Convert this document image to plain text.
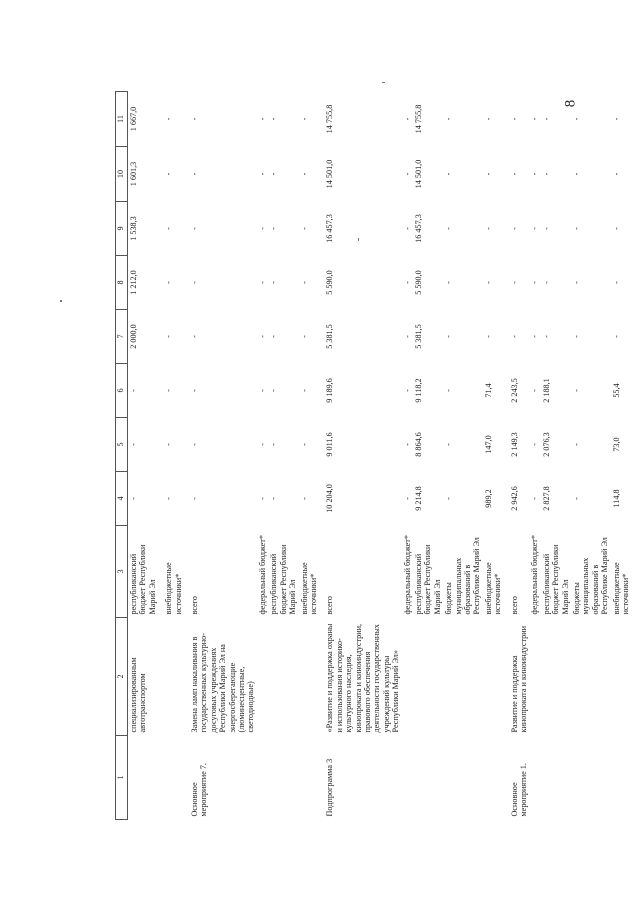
8
1	2	3	4	5	6	7	8	9	10	11
	специализированным автотранспортом	республиканский бюджет Республики Марий Эл	-	-	-	2 000,0	1 212,0	1 538,3	1 601,3	1 667,0
		внебюджетные источники*	-	-	-	-	-	-	-	-
Основное мероприятие 7.	Замена ламп накаливания в государственных культурно-досуговых учреждениях Республики Марий Эл на энергосберегающие (люминесцентные, светодиодные)	всего	-	-	-	-	-	-	-	-
		федеральный бюджет*	-	-	-	-	-	-	-	-
		республиканский бюджет Республики Марий Эл	-	-	-	-	-	-	-	-
		внебюджетные источники*	-	-	-	-	-	-	-	-
Подпрограмма 3	«Развитие и поддержка охраны и использования историко-культурного наследия, кинопроката и киноиндустрии, правового обеспечения деятельности государственных учреждений культуры Республики Марий Эл»	всего	10 204,0	9 011,6	9 189,6	5 381,5	5 590,0	16 457,3	14 501,0	14 755,8
		федеральный бюджет*	-	-	-	-	-	-	-	-
		республиканский бюджет Республики Марий Эл	9 214,8	8 864,6	9 118,2	5 381,5	5 590,0	16 457,3	14 501,0	14 755,8
		бюджеты муниципальных образований в Республике Марий Эл	-	-	-	-	-	-	-	-
		внебюджетные источники*	989,2	147,0	71,4	-	-	-	-	-
Основное мероприятие 1.	Развитие и поддержка кинопроката и киноиндустрии	всего	2 942,6	2 149,3	2 243,5	-	-	-	-	-
		федеральный бюджет*	-	-	-	-	-	-	-	-
		республиканский бюджет Республики Марий Эл	2 827,8	2 076,3	2 188,1	-	-	-	-	-
		бюджеты муниципальных образований в Республике Марий Эл	-	-	-	-	-	-	-	-
		внебюджетные источники*	114,8	73,0	55,4	-	-	-	-	-
